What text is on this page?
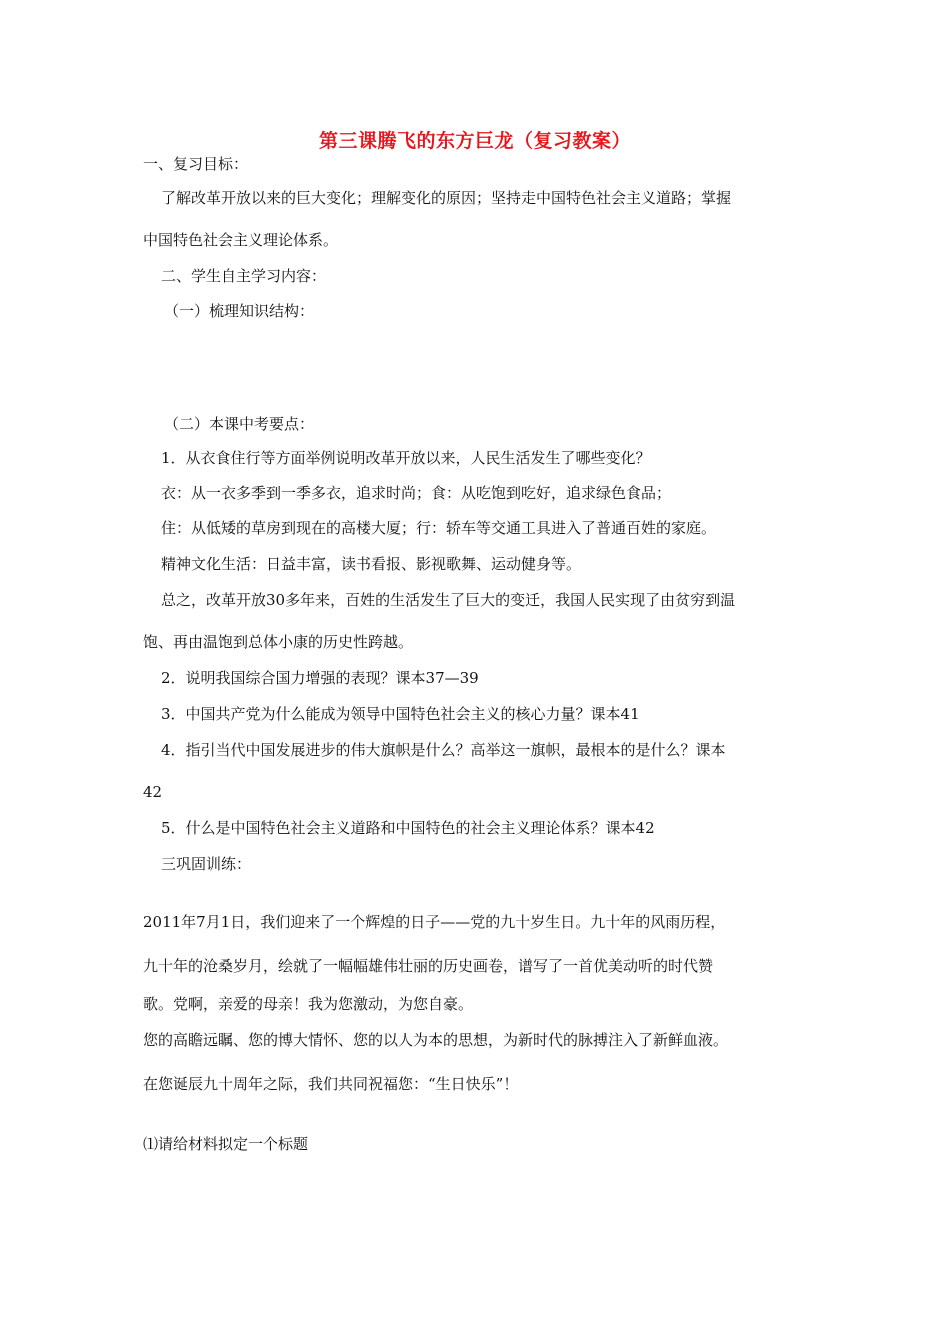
第三课腾飞的东方巨龙（复习教案）
一、复习目标：
了解改革开放以来的巨大变化；理解变化的原因；坚持走中国特色社会主义道路；掌握
中国特色社会主义理论体系。
二、学生自主学习内容：
（一）梳理知识结构：
（二）本课中考要点：
1．从衣食住行等方面举例说明改革开放以来，人民生活发生了哪些变化？
衣：从一衣多季到一季多衣，追求时尚；食：从吃饱到吃好，追求绿色食品；
住：从低矮的草房到现在的高楼大厦；行：轿车等交通工具进入了普通百姓的家庭。
精神文化生活：日益丰富，读书看报、影视歌舞、运动健身等。
总之，改革开放30多年来，百姓的生活发生了巨大的变迁，我国人民实现了由贫穷到温
饱、再由温饱到总体小康的历史性跨越。
2．说明我国综合国力增强的表现？课本37—39
3．中国共产党为什么能成为领导中国特色社会主义的核心力量？课本41
4．指引当代中国发展进步的伟大旗帜是什么？高举这一旗帜，最根本的是什么？课本
42
5．什么是中国特色社会主义道路和中国特色的社会主义理论体系？课本42
三巩固训练：
2011年7月1日，我们迎来了一个辉煌的日子——党的九十岁生日。九十年的风雨历程，
九十年的沧桑岁月，绘就了一幅幅雄伟壮丽的历史画卷，谱写了一首优美动听的时代赞
歌。党啊，亲爱的母亲！我为您激动，为您自豪。
您的高瞻远瞩、您的博大情怀、您的以人为本的思想，为新时代的脉搏注入了新鲜血液。
在您诞辰九十周年之际，我们共同祝福您：“生日快乐”！
⑴请给材料拟定一个标题
